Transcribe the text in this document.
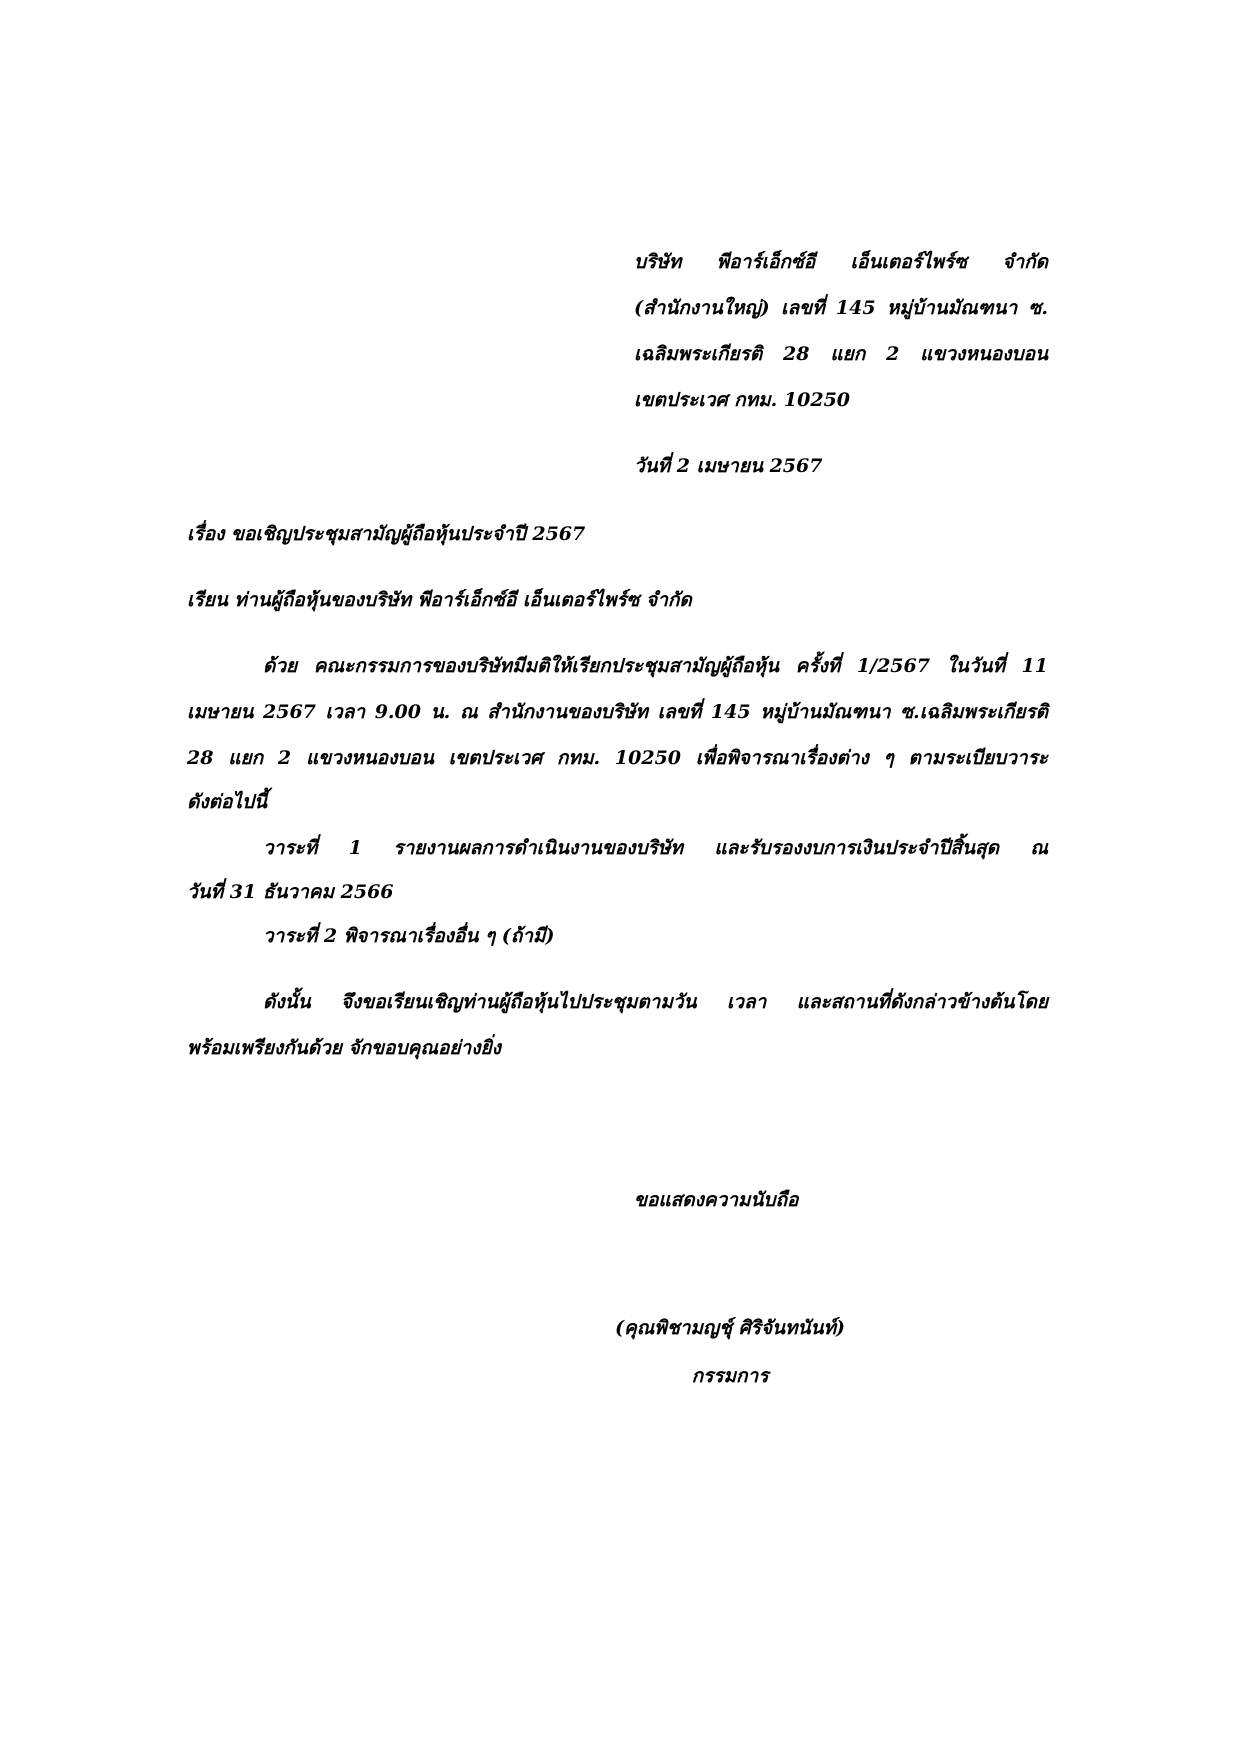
บริษัท พีอาร์เอ็กซ์อี เอ็นเตอร์ไพร์ซ จำกัด
(สำนักงานใหญ่) เลขที่ 145 หมู่บ้านมัณฑนา ซ.
เฉลิมพระเกียรติ 28 แยก 2 แขวงหนองบอน
เขตประเวศ กทม. 10250
วันที่ 2 เมษายน 2567
เรื่อง ขอเชิญประชุมสามัญผู้ถือหุ้นประจำปี 2567
เรียน ท่านผู้ถือหุ้นของบริษัท พีอาร์เอ็กซ์อี เอ็นเตอร์ไพร์ซ จำกัด
ด้วย คณะกรรมการของบริษัทมีมติให้เรียกประชุมสามัญผู้ถือหุ้น ครั้งที่ 1/2567 ในวันที่ 11
เมษายน 2567 เวลา 9.00 น. ณ สำนักงานของบริษัท เลขที่ 145 หมู่บ้านมัณฑนา ซ.เฉลิมพระเกียรติ
28 แยก 2 แขวงหนองบอน เขตประเวศ กทม. 10250 เพื่อพิจารณาเรื่องต่าง ๆ ตามระเบียบวาระ
ดังต่อไปนี้
วาระที่ 1 รายงานผลการดำเนินงานของบริษัท และรับรองงบการเงินประจำปีสิ้นสุด ณ
วันที่ 31 ธันวาคม 2566
วาระที่ 2 พิจารณาเรื่องอื่น ๆ (ถ้ามี)
ดังนั้น จึงขอเรียนเชิญท่านผู้ถือหุ้นไปประชุมตามวัน เวลา และสถานที่ดังกล่าวข้างต้นโดย
พร้อมเพรียงกันด้วย จักขอบคุณอย่างยิ่ง
ขอแสดงความนับถือ
(คุณพิชามญชุ์ ศิริจันทนันท์)
กรรมการ
